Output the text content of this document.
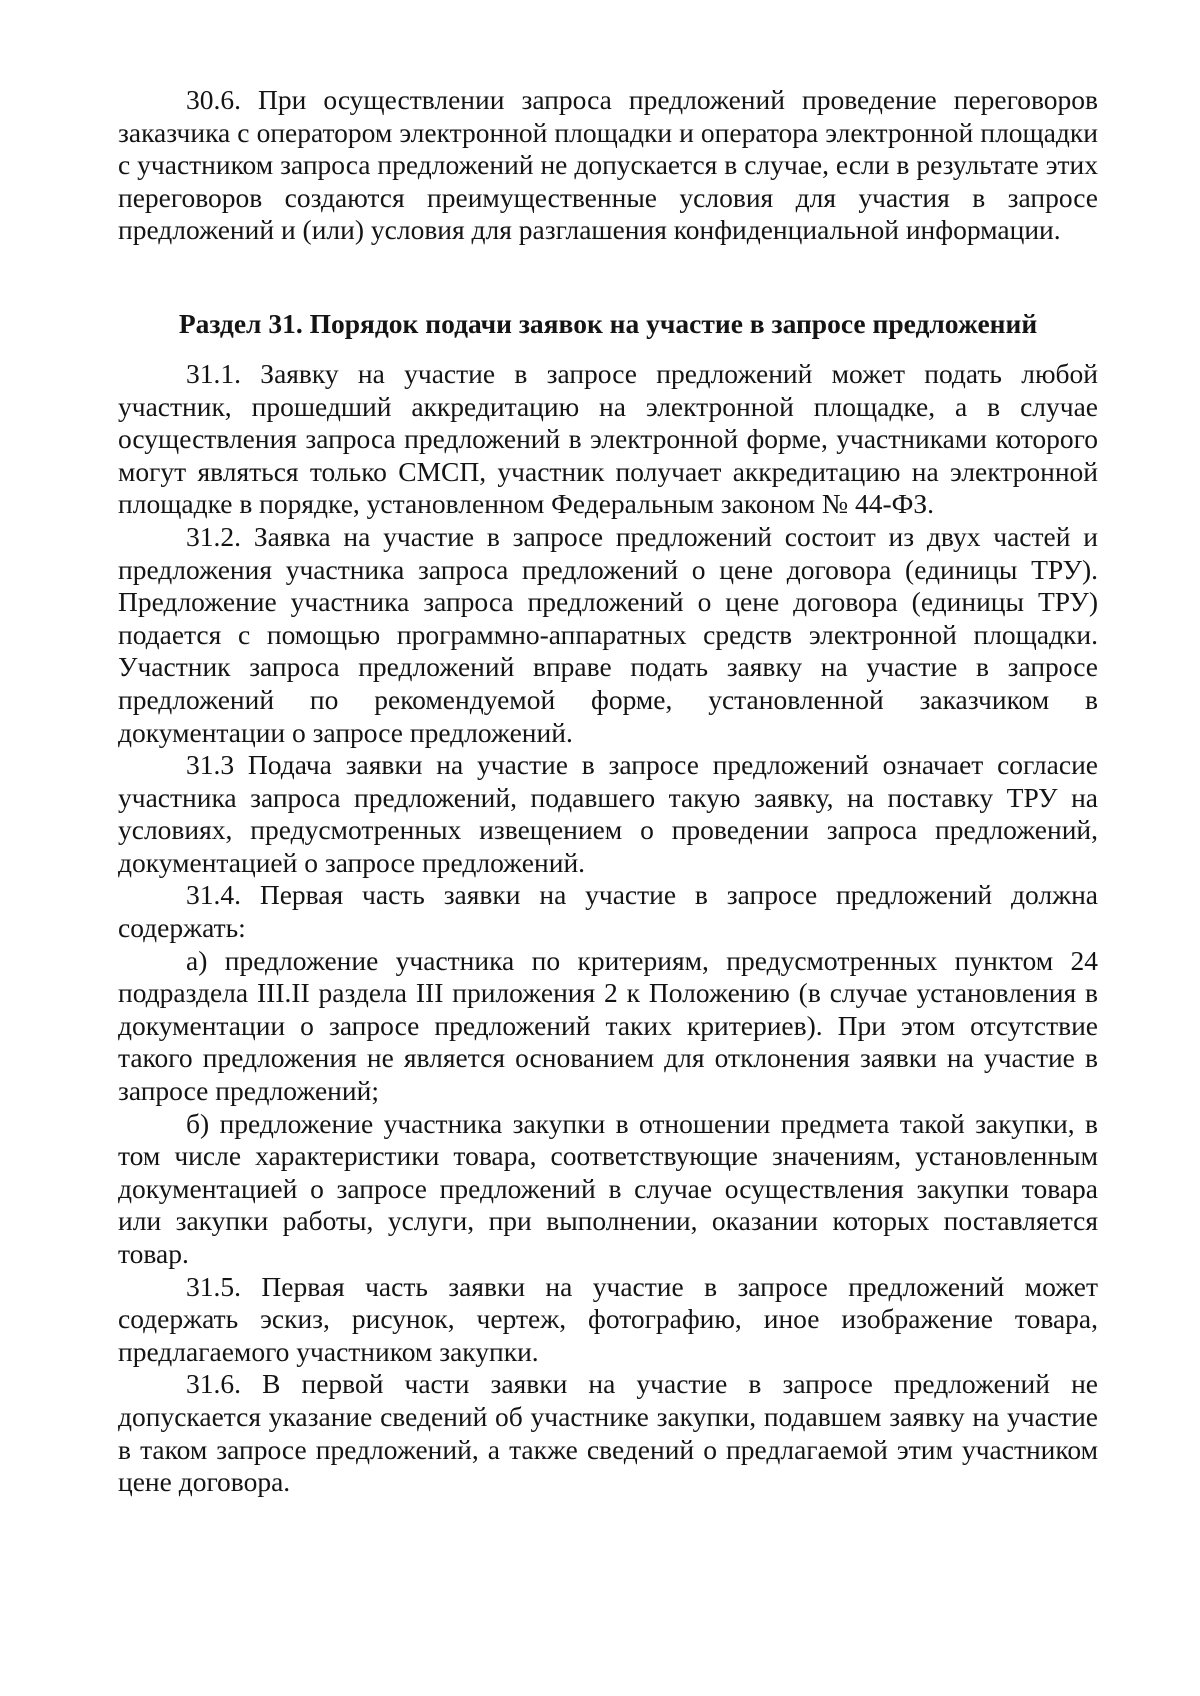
30.6. При осуществлении запроса предложений проведение переговоров заказчика с оператором электронной площадки и оператора электронной площадки с участником запроса предложений не допускается в случае, если в результате этих переговоров создаются преимущественные условия для участия в запросе предложений и (или) условия для разглашения конфиденциальной информации.

Раздел 31. Порядок подачи заявок на участие в запросе предложений

31.1. Заявку на участие в запросе предложений может подать любой участник, прошедший аккредитацию на электронной площадке, а в случае осуществления запроса предложений в электронной форме, участниками которого могут являться только СМСП, участник получает аккредитацию на электронной площадке в порядке, установленном Федеральным законом № 44-ФЗ.

31.2. Заявка на участие в запросе предложений состоит из двух частей и предложения участника запроса предложений о цене договора (единицы ТРУ). Предложение участника запроса предложений о цене договора (единицы ТРУ) подается с помощью программно-аппаратных средств электронной площадки. Участник запроса предложений вправе подать заявку на участие в запросе предложений по рекомендуемой форме, установленной заказчиком в документации о запросе предложений.

31.3 Подача заявки на участие в запросе предложений означает согласие участника запроса предложений, подавшего такую заявку, на поставку ТРУ на условиях, предусмотренных извещением о проведении запроса предложений, документацией о запросе предложений.

31.4. Первая часть заявки на участие в запросе предложений должна содержать:

а) предложение участника по критериям, предусмотренных пунктом 24 подраздела III.II раздела III приложения 2 к Положению (в случае установления в документации о запросе предложений таких критериев). При этом отсутствие такого предложения не является основанием для отклонения заявки на участие в запросе предложений;

б) предложение участника закупки в отношении предмета такой закупки, в том числе характеристики товара, соответствующие значениям, установленным документацией о запросе предложений в случае осуществления закупки товара или закупки работы, услуги, при выполнении, оказании которых поставляется товар.

31.5. Первая часть заявки на участие в запросе предложений может содержать эскиз, рисунок, чертеж, фотографию, иное изображение товара, предлагаемого участником закупки.

31.6. В первой части заявки на участие в запросе предложений не допускается указание сведений об участнике закупки, подавшем заявку на участие в таком запросе предложений, а также сведений о предлагаемой этим участником цене договора.
